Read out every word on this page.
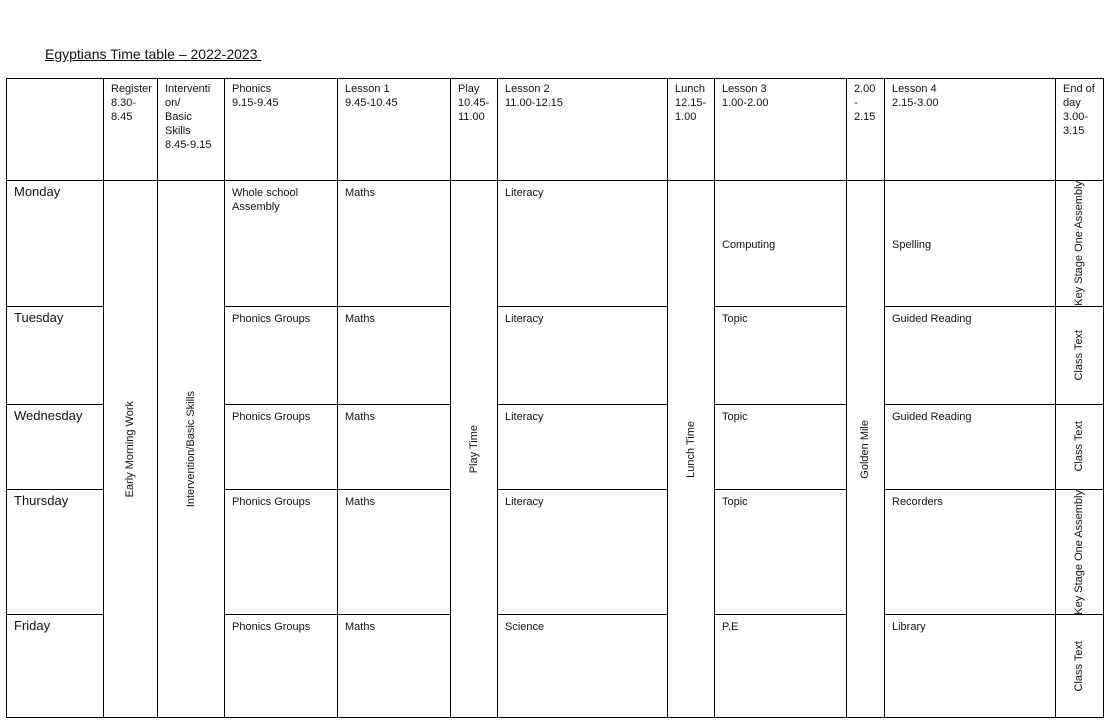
Egyptians Time table – 2022-2023

	Register
8.30-
8.45	Interventi
on/
Basic Skills
8.45-9.15	Phonics
9.15-9.45	Lesson 1
9.45-10.45	Play
10.45-
11.00	Lesson 2
11.00-12.15	Lunch
12.15-
1.00	Lesson 3
1.00-2.00	2.00
-
2.15	Lesson 4
2.15-3.00	End of
day
3.00-
3.15

Monday	Early Morning Work	Intervention/Basic Skills	Whole school Assembly	Maths	Play Time	Literacy	Lunch Time	Computing	Golden Mile	Spelling	Key Stage One Assembly

Tuesday			Phonics Groups	Maths		Literacy		Topic		Guided Reading	Class Text

Wednesday			Phonics Groups	Maths		Literacy		Topic		Guided Reading	Class Text

Thursday			Phonics Groups	Maths		Literacy		Topic		Recorders	Key Stage One Assembly

Friday			Phonics Groups	Maths		Science		P.E		Library	Class Text
